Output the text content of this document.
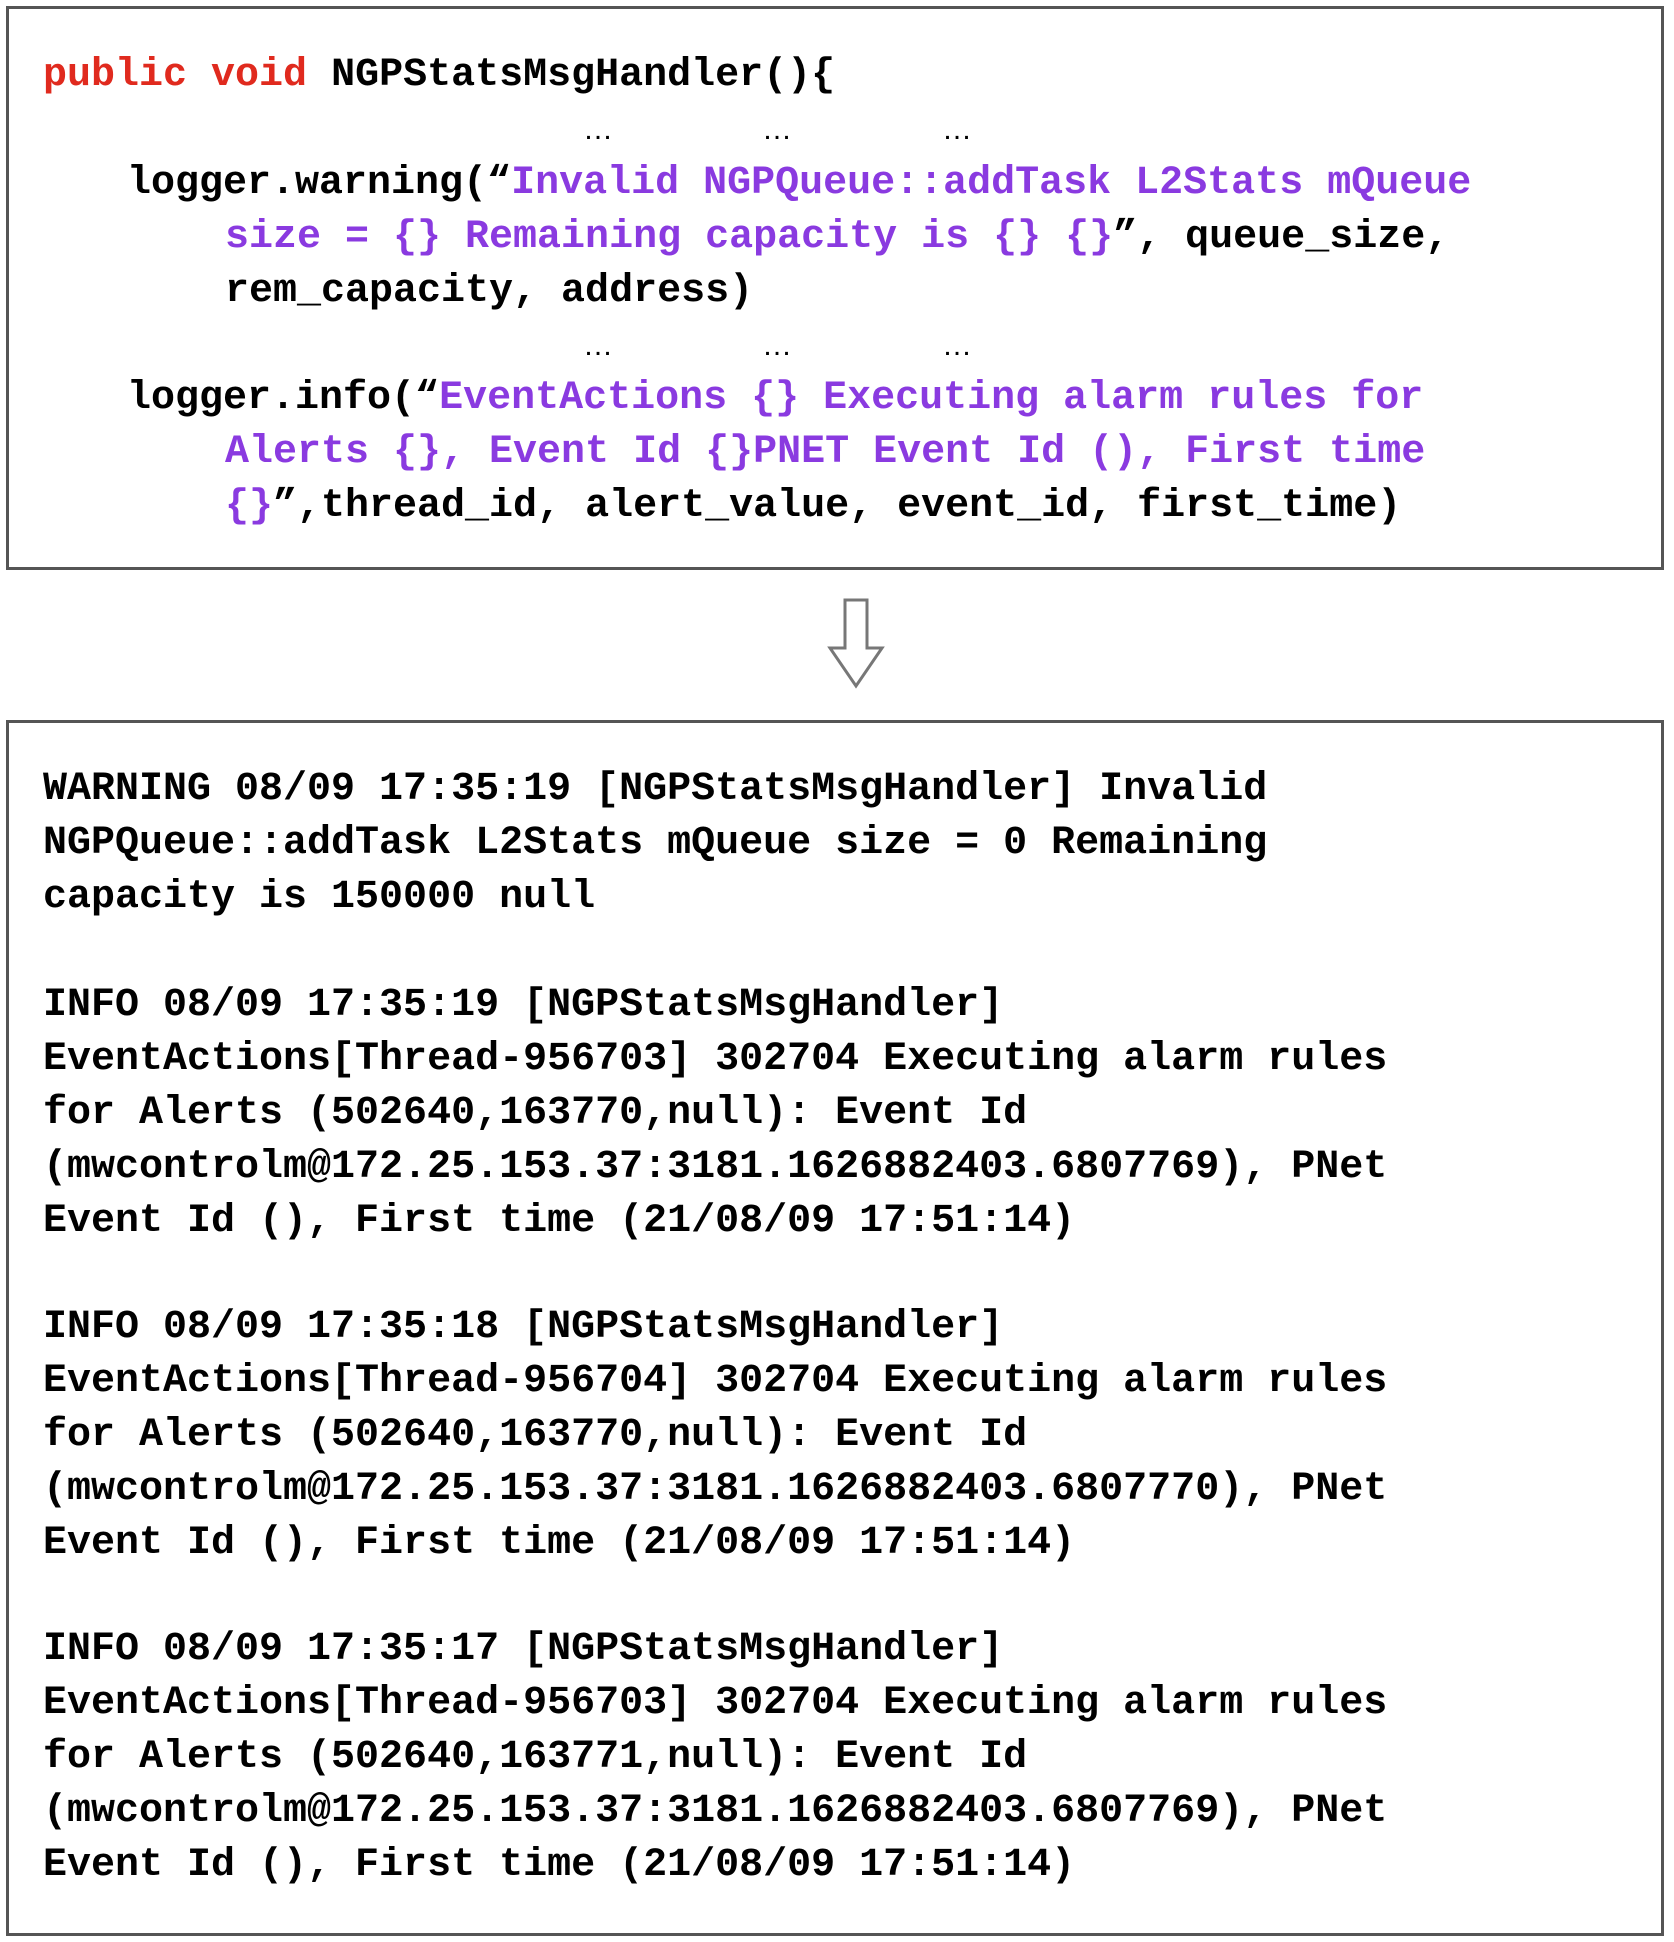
public void NGPStatsMsgHandler(){
…	…	…
logger.warning(“Invalid NGPQueue::addTask L2Stats mQueue
size = {} Remaining capacity is {} {}”, queue_size,
rem_capacity, address)
…	…	…
logger.info(“EventActions {} Executing alarm rules for
Alerts {}, Event Id {}PNET Event Id (), First time
{}”,thread_id, alert_value, event_id, first_time)
WARNING 08/09 17:35:19 [NGPStatsMsgHandler] Invalid
NGPQueue::addTask L2Stats mQueue size = 0 Remaining
capacity is 150000 null
INFO 08/09 17:35:19 [NGPStatsMsgHandler]
EventActions[Thread-956703] 302704 Executing alarm rules
for Alerts (502640,163770,null): Event Id
(mwcontrolm@172.25.153.37:3181.1626882403.6807769), PNet
Event Id (), First time (21/08/09 17:51:14)
INFO 08/09 17:35:18 [NGPStatsMsgHandler]
EventActions[Thread-956704] 302704 Executing alarm rules
for Alerts (502640,163770,null): Event Id
(mwcontrolm@172.25.153.37:3181.1626882403.6807770), PNet
Event Id (), First time (21/08/09 17:51:14)
INFO 08/09 17:35:17 [NGPStatsMsgHandler]
EventActions[Thread-956703] 302704 Executing alarm rules
for Alerts (502640,163771,null): Event Id
(mwcontrolm@172.25.153.37:3181.1626882403.6807769), PNet
Event Id (), First time (21/08/09 17:51:14)
